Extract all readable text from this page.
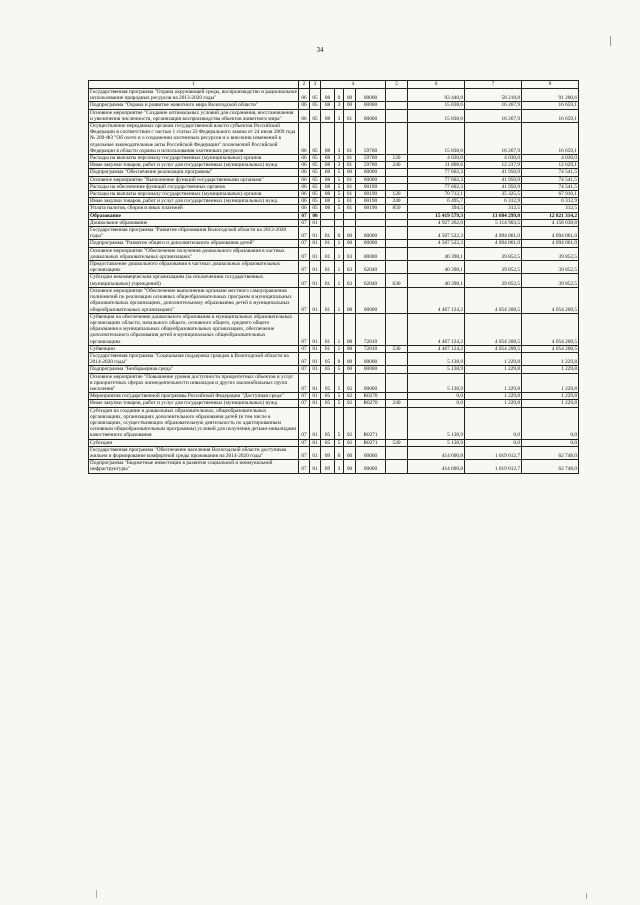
34
1	2	3	4				5	6	7	8
Государственная программа "Охрана окружающей среды, воспроизводство и рациональное использование природных ресурсов на 2013-2020 годы"	06	05	08	0	00	00000		93 440,9	58 218,8	91 200,6
Подпрограмма "Охрана и развитие животного мира Вологодской области"	06	05	08	3	00	00000		15 838,6	16 267,9	16 659,1
Основное мероприятие "Создание оптимальных условий для сохранения, восстановления и увеличения численности, организация воспроизводства объектов животного мира"	06	05	08	3	01	00000		15 838,6	16 267,9	16 659,1
Осуществление переданных органам государственной власти субъектов Российской Федерации в соответствии с частью 1 статьи 33 Федерального закона от 24 июля 2009 года № 209-ФЗ "Об охоте и о сохранении охотничьих ресурсов и о внесении изменений в отдельные законодательные акты Российской Федерации" полномочий Российской Федерации в области охраны и использования охотничьих ресурсов	06	05	08	3	01	59700		15 838,6	16 267,9	16 659,1
Расходы на выплаты персоналу государственных (муниципальных) органов	06	05	08	3	01	59700	120	4 030,0	4 030,0	4 030,0
Иные закупки товаров, работ и услуг для государственных (муниципальных) нужд	06	05	08	3	01	59700	240	11 808,6	12 237,9	12 629,1
Подпрограмма "Обеспечение реализации программы"	06	05	08	5	00	00000		77 602,3	41 950,9	74 541,5
Основное мероприятие "Выполнение функций государственными органами"	06	05	08	5	01	00000		77 602,3	41 950,9	74 541,5
Расходы на обеспечение функций государственных органов	06	05	08	5	01	00190		77 602,3	41 950,9	74 541,5
Расходы на выплаты персоналу государственных (муниципальных) органов	06	05	08	5	01	00190	120	70 712,1	35 325,5	67 916,1
Иные закупки товаров, работ и услуг для государственных (муниципальных) нужд	06	05	08	5	01	00190	240	6 495,7	6 312,9	6 312,9
Уплата налогов, сборов и иных платежей	06	05	08	5	01	00190	850	394,5	312,5	312,5
Образование	07	00						15 419 579,3	13 684 299,0	12 821 314,2
Дошкольное образование	07	01						4 927 262,0	5 114 903,5	4 158 038,8
Государственная программа "Развитие образования Вологодской области на 2013-2020 годы"	07	01	01	0	00	00000		4 507 522,3	4 094 061,0	4 094 061,0
Подпрограмма "Развитие общего и дополнительного образования детей"	07	01	01	1	00	00000		4 507 522,3	4 094 061,0	4 094 061,0
Основное мероприятие "Обеспечение получения дошкольного образования в частных дошкольных образовательных организациях"	07	01	01	1	03	00000		40 398,1	39 852,5	39 852,5
Предоставление дошкольного образования в частных дошкольных образовательных организациях	07	01	01	1	03	62040		40 398,1	39 852,5	39 852,5
Субсидии некоммерческим организациям (за исключением государственных (муниципальных) учреждений)	07	01	01	1	03	62040	630	40 398,1	39 852,5	39 852,5
Основное мероприятие "Обеспечение выполнения органами местного самоуправления полномочий по реализации основных общеобразовательных программ в муниципальных образовательных организациях, дополнительному образованию детей в муниципальных общеобразовательных организациях"	07	01	01	1	08	00000		4 467 124,2	4 054 208,5	4 054 208,5
Субвенция на обеспечение дошкольного образования в муниципальных образовательных организациях области, начального общего, основного общего, среднего общего образования в муниципальных общеобразовательных организациях, обеспечение дополнительного образования детей в муниципальных общеобразовательных организациях	07	01	01	1	08	72010		4 467 124,2	4 054 208,5	4 054 208,5
Субвенции	07	01	01	1	08	72010	530	4 467 124,2	4 054 208,5	4 054 208,5
Государственная программа "Социальная поддержка граждан в Вологодской области на 2014-2020 годы"	07	01	05	0	00	00000		5 138,9	1 229,8	1 229,8
Подпрограмма "Безбарьерная среда"	07	01	05	5	00	00000		5 138,9	1 229,8	1 229,8
Основное мероприятие "Повышение уровня доступности приоритетных объектов и услуг в приоритетных сферах жизнедеятельности инвалидов и других маломобильных групп населения"	07	01	05	5	02	00000		5 138,9	1 229,8	1 229,8
Мероприятия государственной программы Российской Федерации "Доступная среда"	07	01	05	5	02	R0270		0,0	1 229,8	1 229,8
Иные закупки товаров, работ и услуг для государственных (муниципальных) нужд	07	01	05	5	02	R0270	240	0,0	1 229,8	1 229,8
Субсидии на создание в дошкольных образовательных, общеобразовательных организациях, организациях дополнительного образования детей (в том числе в организациях, осуществляющих образовательную деятельность по адаптированным основным общеобразовательным программам) условий для получения детьми-инвалидами качественного образования	07	01	05	5	02	R0271		5 138,9	0,0	0,0
Субсидии	07	01	05	5	02	R0271	520	5 138,9	0,0	0,0
Государственная программа "Обеспечение населения Вологодской области доступным жильем и формирование комфортной среды проживания на 2014-2020 годы"	07	01	09	0	00	00000		414 600,8	1 019 612,7	62 748,0
Подпрограмма "Бюджетные инвестиции в развитие социальной и коммунальной инфраструктуры"	07	01	09	3	00	00000		414 600,8	1 019 612,7	62 748,0
